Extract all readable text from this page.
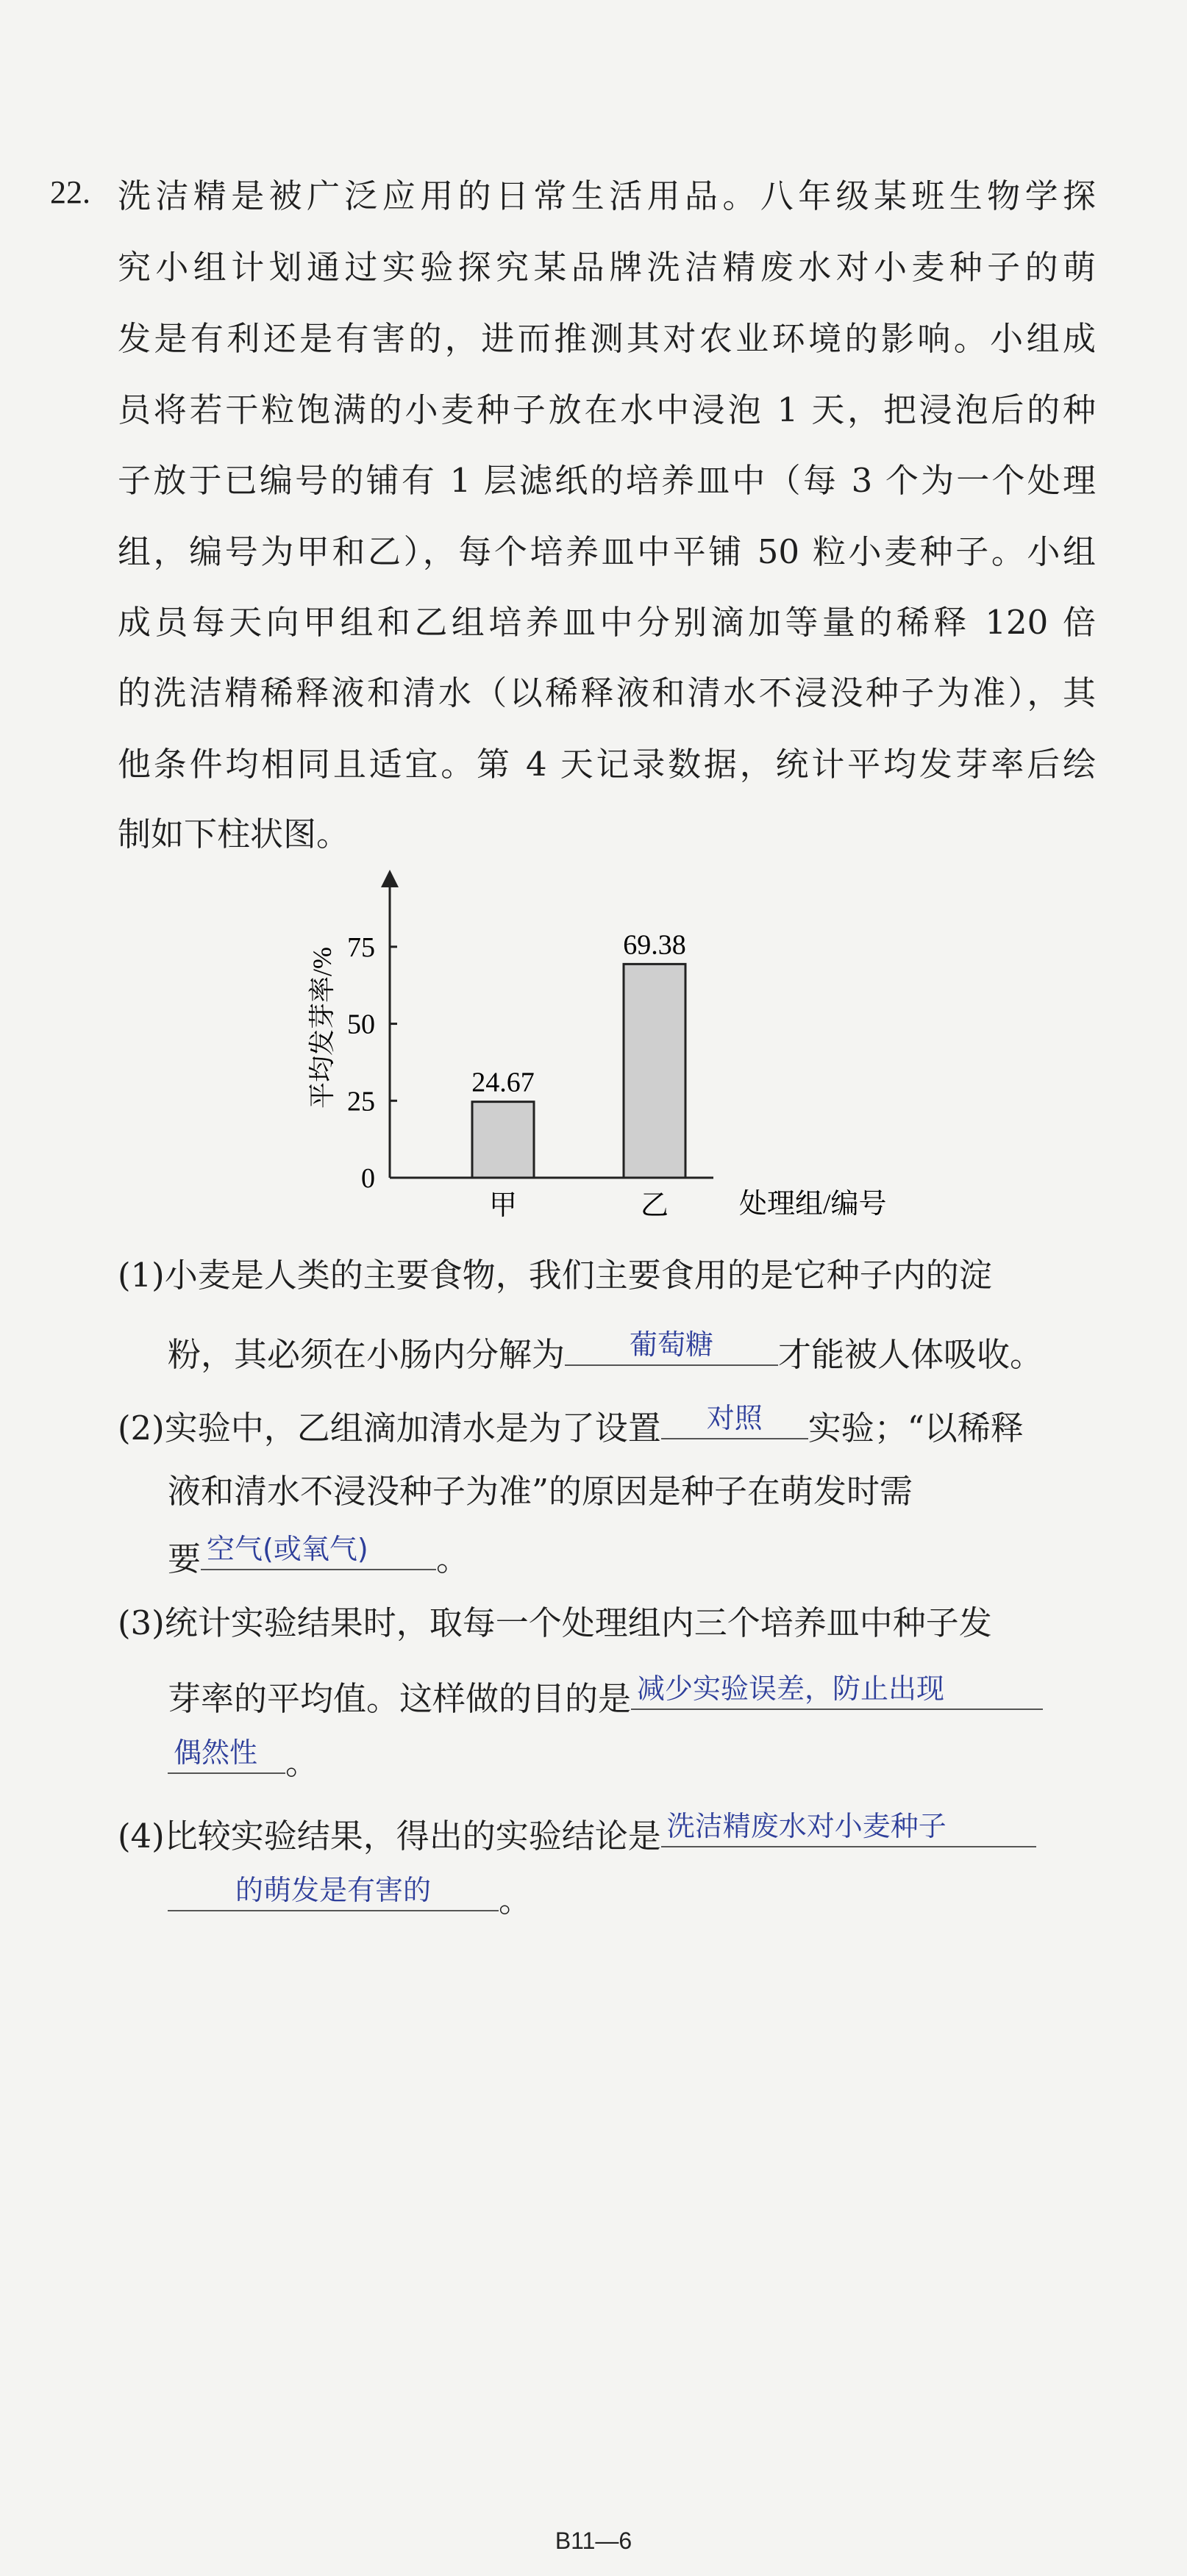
22. 洗洁精是被广泛应用的日常生活用品。八年级某班生物学探
究小组计划通过实验探究某品牌洗洁精废水对小麦种子的萌
发是有利还是有害的，进而推测其对农业环境的影响。小组成
员将若干粒饱满的小麦种子放在水中浸泡 1 天，把浸泡后的种
子放于已编号的铺有 1 层滤纸的培养皿中（每 3 个为一个处理
组，编号为甲和乙），每个培养皿中平铺 50 粒小麦种子。小组
成员每天向甲组和乙组培养皿中分别滴加等量的稀释 120 倍
的洗洁精稀释液和清水（以稀释液和清水不浸没种子为准），其
他条件均相同且适宜。第 4 天记录数据，统计平均发芽率后绘
制如下柱状图。
0
25
50
75
24.67
甲
69.38
乙
平均发芽率/%
处理组/编号
(1)小麦是人类的主要食物，我们主要食用的是它种子内的淀
粉，其必须在小肠内分解为	葡萄糖	才能被人体吸收。
(2)实验中，乙组滴加清水是为了设置	对照	实验；“以稀释
液和清水不浸没种子为准”的原因是种子在萌发时需
要 空气(或氧气)	。
(3)统计实验结果时，取每一个处理组内三个培养皿中种子发
芽率的平均值。这样做的目的是 减少实验误差，防止出现
偶然性 。
(4)比较实验结果，得出的实验结论是 洗洁精废水对小麦种子
的萌发是有害的	。
B11—6
